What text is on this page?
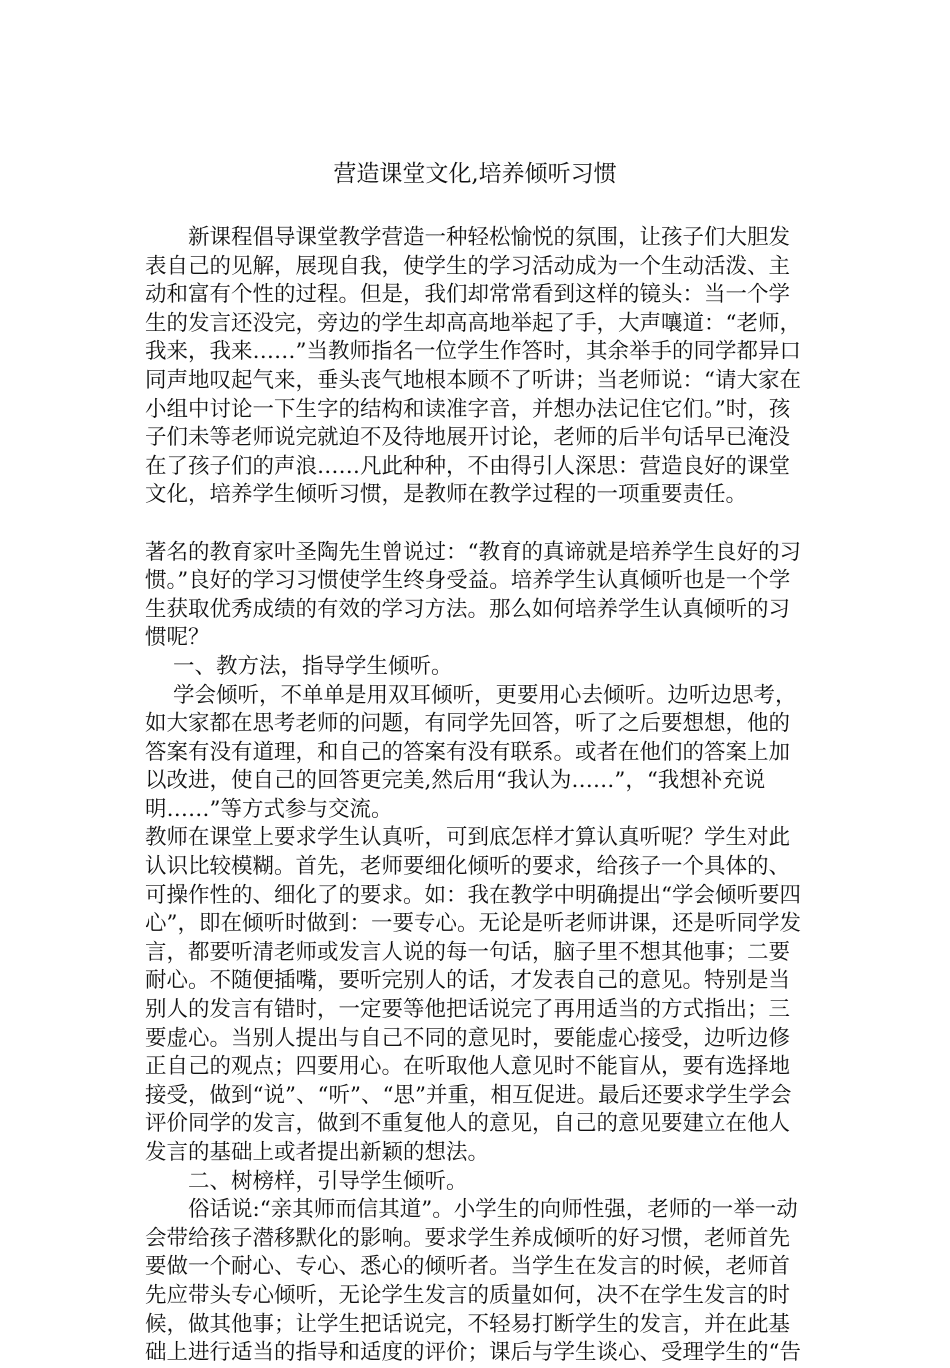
营造课堂文化,培养倾听习惯

新课程倡导课堂教学营造一种轻松愉悦的氛围，让孩子们大胆发表自己的见解，展现自我，使学生的学习活动成为一个生动活泼、主动和富有个性的过程。但是，我们却常常看到这样的镜头：当一个学生的发言还没完，旁边的学生却高高地举起了手，大声嚷道：“老师，我来，我来……”当教师指名一位学生作答时，其余举手的同学都异口同声地叹起气来，垂头丧气地根本顾不了听讲；当老师说：“请大家在小组中讨论一下生字的结构和读准字音，并想办法记住它们。”时，孩子们未等老师说完就迫不及待地展开讨论，老师的后半句话早已淹没在了孩子们的声浪……凡此种种，不由得引人深思：营造良好的课堂文化，培养学生倾听习惯，是教师在教学过程的一项重要责任。

著名的教育家叶圣陶先生曾说过：“教育的真谛就是培养学生良好的习惯。”良好的学习习惯使学生终身受益。培养学生认真倾听也是一个学生获取优秀成绩的有效的学习方法。那么如何培养学生认真倾听的习惯呢？

一、教方法，指导学生倾听。

学会倾听，不单单是用双耳倾听，更要用心去倾听。边听边思考，如大家都在思考老师的问题，有同学先回答，听了之后要想想，他的答案有没有道理，和自己的答案有没有联系。或者在他们的答案上加以改进，使自己的回答更完美,然后用“我认为……”，“我想补充说明……”等方式参与交流。

教师在课堂上要求学生认真听，可到底怎样才算认真听呢？学生对此认识比较模糊。首先，老师要细化倾听的要求，给孩子一个具体的、可操作性的、细化了的要求。如：我在教学中明确提出“学会倾听要四心”，即在倾听时做到：一要专心。无论是听老师讲课，还是听同学发言，都要听清老师或发言人说的每一句话，脑子里不想其他事；二要耐心。不随便插嘴，要听完别人的话，才发表自己的意见。特别是当别人的发言有错时，一定要等他把话说完了再用适当的方式指出；三要虚心。当别人提出与自己不同的意见时，要能虚心接受，边听边修正自己的观点；四要用心。在听取他人意见时不能盲从，要有选择地接受，做到“说”、“听”、“思”并重，相互促进。最后还要求学生学会评价同学的发言，做到不重复他人的意见，自己的意见要建立在他人发言的基础上或者提出新颖的想法。

二、树榜样，引导学生倾听。

俗话说:“亲其师而信其道”。小学生的向师性强，老师的一举一动会带给孩子潜移默化的影响。要求学生养成倾听的好习惯，老师首先要做一个耐心、专心、悉心的倾听者。当学生在发言的时候，老师首先应带头专心倾听，无论学生发言的质量如何，决不在学生发言的时候，做其他事；让学生把话说完，不轻易打断学生的发言，并在此基础上进行适当的指导和适度的评价；课后与学生谈心、受理学生的“告
